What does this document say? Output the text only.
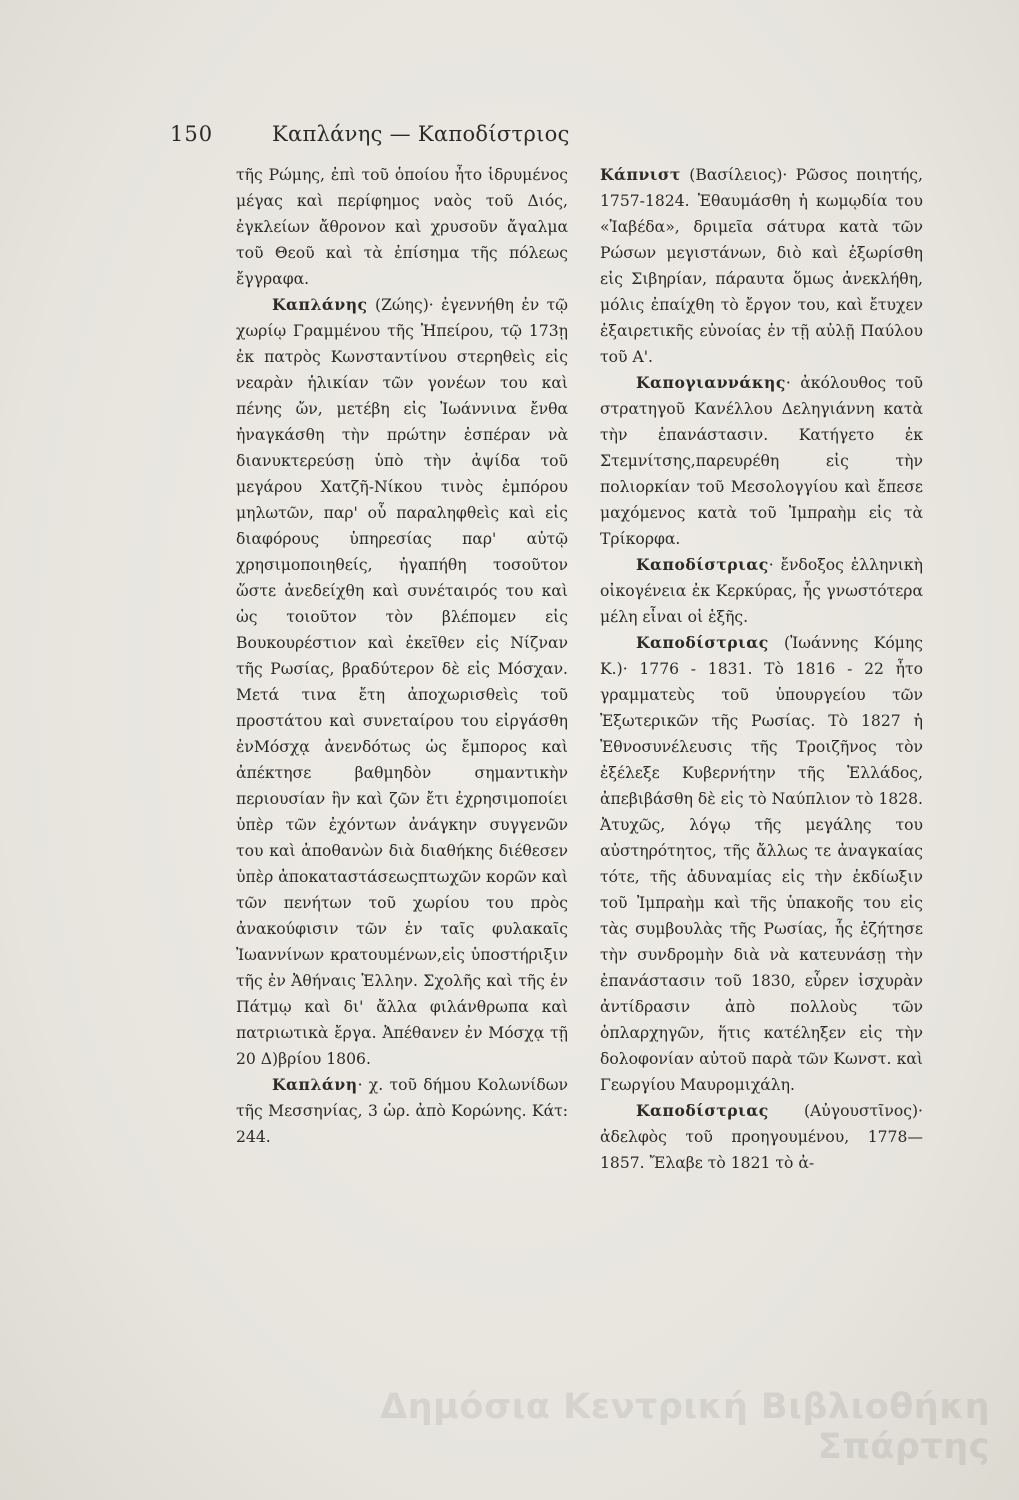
150	Καπλάνης — Καποδίστριος

τῆς Ρώμης, ἐπὶ τοῦ ὁποίου ἦτο ἱδρυμένος μέγας καὶ περίφημος ναὸς τοῦ Διός, ἐγκλείων ἄθρονον καὶ χρυσοῦν ἄγαλμα τοῦ Θεοῦ καὶ τὰ ἐπίσημα τῆς πόλεως ἔγγραφα.

Καπλάνης (Ζώης)· ἐγεννήθη ἐν τῷ χωρίῳ Γραμμένου τῆς Ἠπείρου, τῷ 173ῃ ἐκ πατρὸς Κωνσταντίνου στερηθεὶς εἰς νεαρὰν ἡλικίαν τῶν γονέων του καὶ πένης ὤν, μετέβη εἰς Ἰωάννινα ἔνθα ἠναγκάσθη τὴν πρώτην ἑσπέραν νὰ διανυκτερεύσῃ ὑπὸ τὴν ἀψίδα τοῦ μεγάρου Χατζῆ-Νίκου τινὸς ἐμπόρου μηλωτῶν, παρ' οὗ παραληφθεὶς καὶ εἰς διαφόρους ὑπηρεσίας παρ' αὐτῷ χρησιμοποιηθείς, ἠγαπήθη τοσοῦτον ὥστε ἀνεδείχθη καὶ συνέταιρός του καὶ ὡς τοιοῦτον τὸν βλέπομεν εἰς Βουκουρέστιον καὶ ἐκεῖθεν εἰς Νίζναν τῆς Ρωσίας, βραδύτερον δὲ εἰς Μόσχαν. Μετά τινα ἔτη ἀποχωρισθεὶς τοῦ προστάτου καὶ συνεταίρου του εἰργάσθη ἐνΜόσχᾳ ἀνενδότως ὡς ἔμπορος καὶ ἀπέκτησε βαθμηδὸν σημαντικὴν περιουσίαν ἣν καὶ ζῶν ἔτι ἐχρησιμοποίει ὑπὲρ τῶν ἐχόντων ἀνάγκην συγγενῶν του καὶ ἀποθανὼν διὰ διαθήκης διέθεσεν ὑπὲρ ἀποκαταστάσεωςπτωχῶν κορῶν καὶ τῶν πενήτων τοῦ χωρίου του πρὸς ἀνακούφισιν τῶν ἐν ταῖς φυλακαῖς Ἰωαννίνων κρατουμένων,εἰς ὑποστήριξιν τῆς ἐν Ἀθήναις Ἑλλην. Σχολῆς καὶ τῆς ἐν Πάτμῳ καὶ δι' ἄλλα φιλάνθρωπα καὶ πατριωτικὰ ἔργα. Ἀπέθανεν ἐν Μόσχᾳ τῇ 20 Δ)βρίου 1806.

Καπλάνη· χ. τοῦ δήμου Κολωνίδων τῆς Μεσσηνίας, 3 ὡρ. ἀπὸ Κορώνης. Κάτ: 244.

Κάπνιστ (Βασίλειος)· Ρῶσος ποιητής, 1757-1824. Ἐθαυμάσθη ἡ κωμῳδία του «Ἰαβέδα», δριμεῖα σάτυρα κατὰ τῶν Ρώσων μεγιστάνων, διὸ καὶ ἐξωρίσθη εἰς Σιβηρίαν, πάραυτα ὅμως ἀνεκλήθη, μόλις ἐπαίχθη τὸ ἔργον του, καὶ ἔτυχεν ἐξαιρετικῆς εὐνοίας ἐν τῇ αὐλῇ Παύλου τοῦ Α'.

Καπογιαννάκης· ἀκόλουθος τοῦ στρατηγοῦ Κανέλλου Δεληγιάννη κατὰ τὴν ἐπανάστασιν. Κατήγετο ἐκ Στεμνίτσης,παρευρέθη εἰς τὴν πολιορκίαν τοῦ Μεσολογγίου καὶ ἔπεσε μαχόμενος κατὰ τοῦ Ἰμπραὴμ εἰς τὰ Τρίκορφα.

Καποδίστριας· ἔνδοξος ἑλληνικὴ οἰκογένεια ἐκ Κερκύρας, ἧς γνωστότερα μέλη εἶναι οἱ ἑξῆς.

Καποδίστριας (Ἰωάννης Κόμης Κ.)· 1776 - 1831. Τὸ 1816 - 22 ἦτο γραμματεὺς τοῦ ὑπουργείου τῶν Ἐξωτερικῶν τῆς Ρωσίας. Τὸ 1827 ἡ Ἐθνοσυνέλευσις τῆς Τροιζῆνος τὸν ἐξέλεξε Κυβερνήτην τῆς Ἑλλάδος, ἀπεβιβάσθη δὲ εἰς τὸ Ναύπλιον τὸ 1828. Ἀτυχῶς, λόγῳ τῆς μεγάλης του αὐστηρότητος, τῆς ἄλλως τε ἀναγκαίας τότε, τῆς ἀδυναμίας εἰς τὴν ἐκδίωξιν τοῦ Ἰμπραὴμ καὶ τῆς ὑπακοῆς του εἰς τὰς συμβουλὰς τῆς Ρωσίας, ἧς ἐζήτησε τὴν συνδρομὴν διὰ νὰ κατευνάσῃ τὴν ἐπανάστασιν τοῦ 1830, εὗρεν ἰσχυρὰν ἀντίδρασιν ἀπὸ πολλοὺς τῶν ὁπλαρχηγῶν, ἥτις κατέληξεν εἰς τὴν δολοφονίαν αὐτοῦ παρὰ τῶν Κωνστ. καὶ Γεωργίου Μαυρομιχάλη.

Καποδίστριας (Αὐγουστῖνος)· ἀδελφὸς τοῦ προηγουμένου, 1778—1857. Ἔλαβε τὸ 1821 τὸ ἀ-

Δημόσια Κεντρική Βιβλιοθήκη Σπάρτης
